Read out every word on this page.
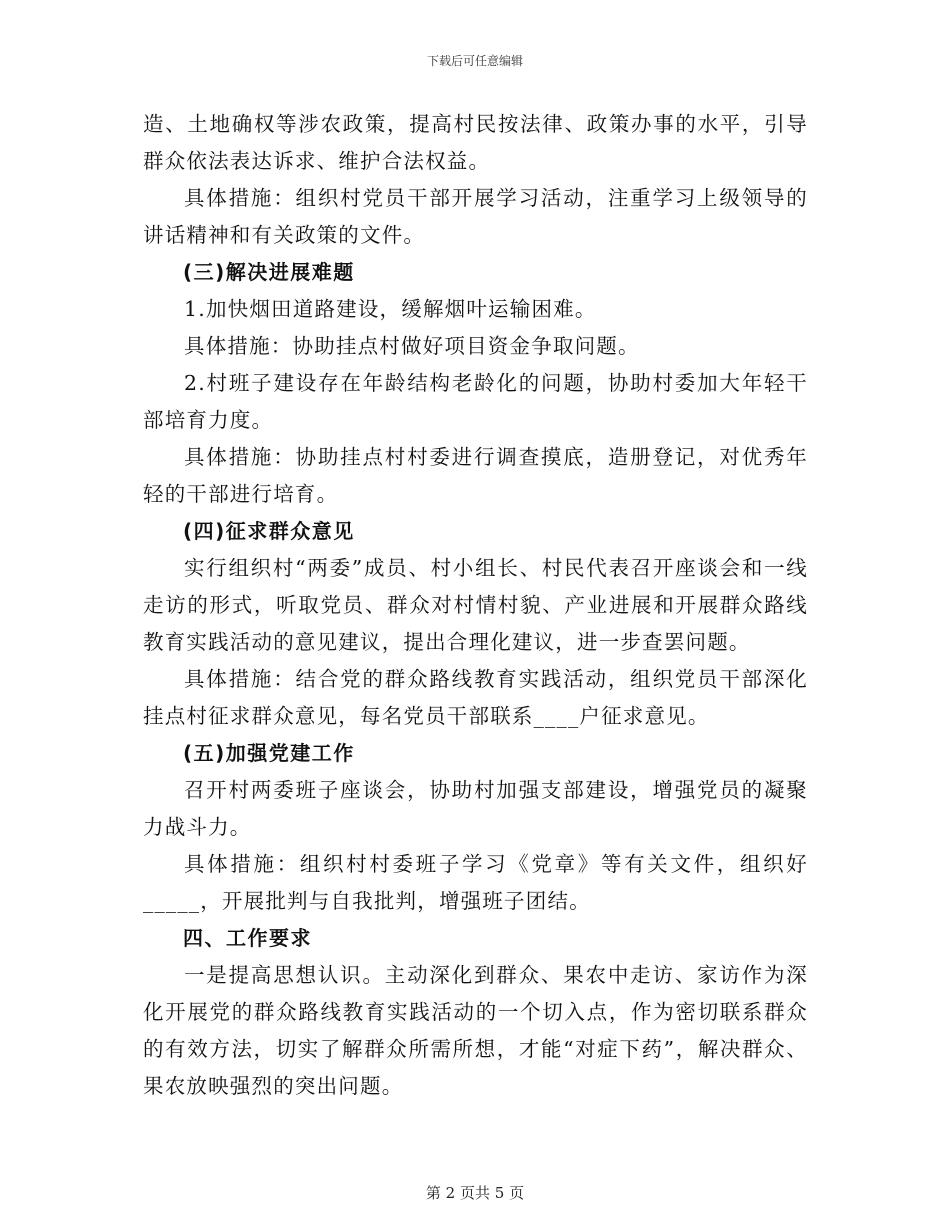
下载后可任意编辑

造、土地确权等涉农政策，提高村民按法律、政策办事的水平，引导群众依法表达诉求、维护合法权益。

具体措施：组织村党员干部开展学习活动，注重学习上级领导的讲话精神和有关政策的文件。

(三)解决进展难题

1.加快烟田道路建设，缓解烟叶运输困难。

具体措施：协助挂点村做好项目资金争取问题。

2.村班子建设存在年龄结构老龄化的问题，协助村委加大年轻干部培育力度。

具体措施：协助挂点村村委进行调查摸底，造册登记，对优秀年轻的干部进行培育。

(四)征求群众意见

实行组织村“两委”成员、村小组长、村民代表召开座谈会和一线走访的形式，听取党员、群众对村情村貌、产业进展和开展群众路线教育实践活动的意见建议，提出合理化建议，进一步查罢问题。

具体措施：结合党的群众路线教育实践活动，组织党员干部深化挂点村征求群众意见，每名党员干部联系____户征求意见。

(五)加强党建工作

召开村两委班子座谈会，协助村加强支部建设，增强党员的凝聚力战斗力。

具体措施：组织村村委班子学习《党章》等有关文件，组织好_____，开展批判与自我批判，增强班子团结。

四、工作要求

一是提高思想认识。主动深化到群众、果农中走访、家访作为深化开展党的群众路线教育实践活动的一个切入点，作为密切联系群众的有效方法，切实了解群众所需所想，才能“对症下药”，解决群众、果农放映强烈的突出问题。

第 2 页共 5 页
